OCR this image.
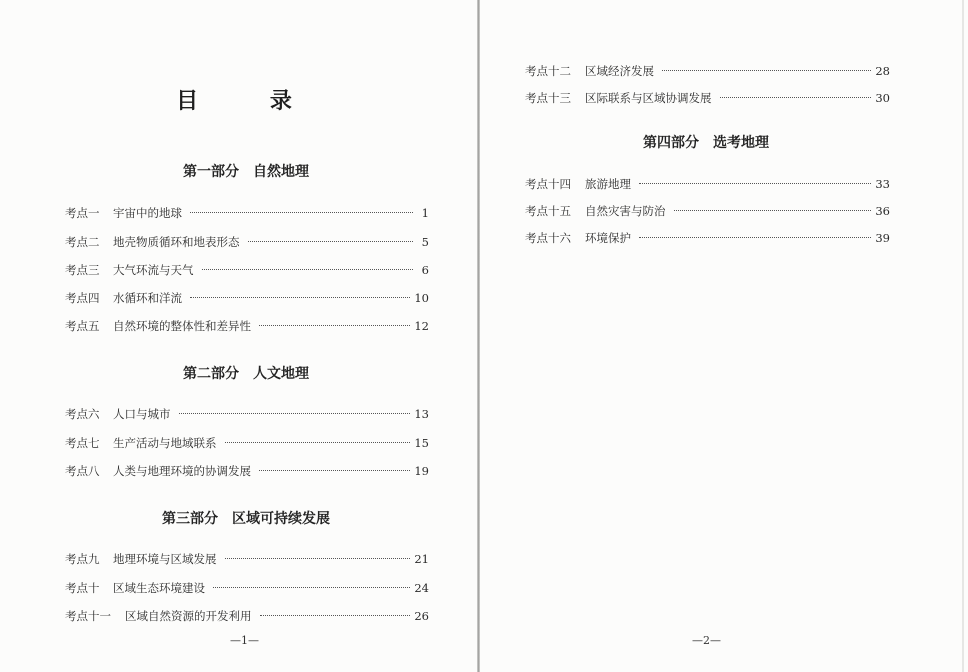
目 录
第一部分　自然地理
考点一	宇宙中的地球	1
考点二	地壳物质循环和地表形态	5
考点三	大气环流与天气	6
考点四	水循环和洋流	10
考点五	自然环境的整体性和差异性	12
第二部分　人文地理
考点六	人口与城市	13
考点七	生产活动与地域联系	15
考点八	人类与地理环境的协调发展	19
第三部分　区域可持续发展
考点九	地理环境与区域发展	21
考点十	区域生态环境建设	24
考点十一	区域自然资源的开发利用	26
—1—
考点十二	区域经济发展	28
考点十三	区际联系与区域协调发展	30
第四部分　选考地理
考点十四	旅游地理	33
考点十五	自然灾害与防治	36
考点十六	环境保护	39
—2—
